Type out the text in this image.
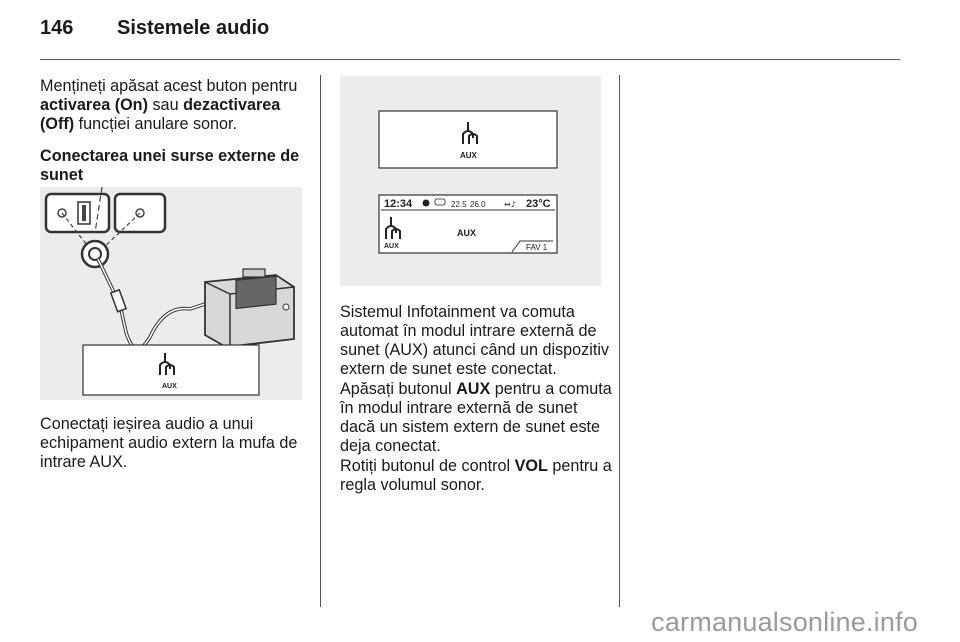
146 Sistemele audio
Mențineți apăsat acest buton pentru
activarea (On) sau dezactivarea
(Off) funcției anulare sonor.
Conectarea unei surse externe de
sunet
AUX
Conectați ieșirea audio a unui
echipament audio extern la mufa de
intrare AUX.
AUX
12:34	22.5 26.0 ↔♪ 23°C
AUX
AUX
FAV 1
Sistemul Infotainment va comuta
automat în modul intrare externă de
sunet (AUX) atunci când un dispozitiv
extern de sunet este conectat.
Apăsați butonul AUX pentru a comuta
în modul intrare externă de sunet
dacă un sistem extern de sunet este
deja conectat.
Rotiți butonul de control VOL pentru a
regla volumul sonor.
carmanualsonline.info
